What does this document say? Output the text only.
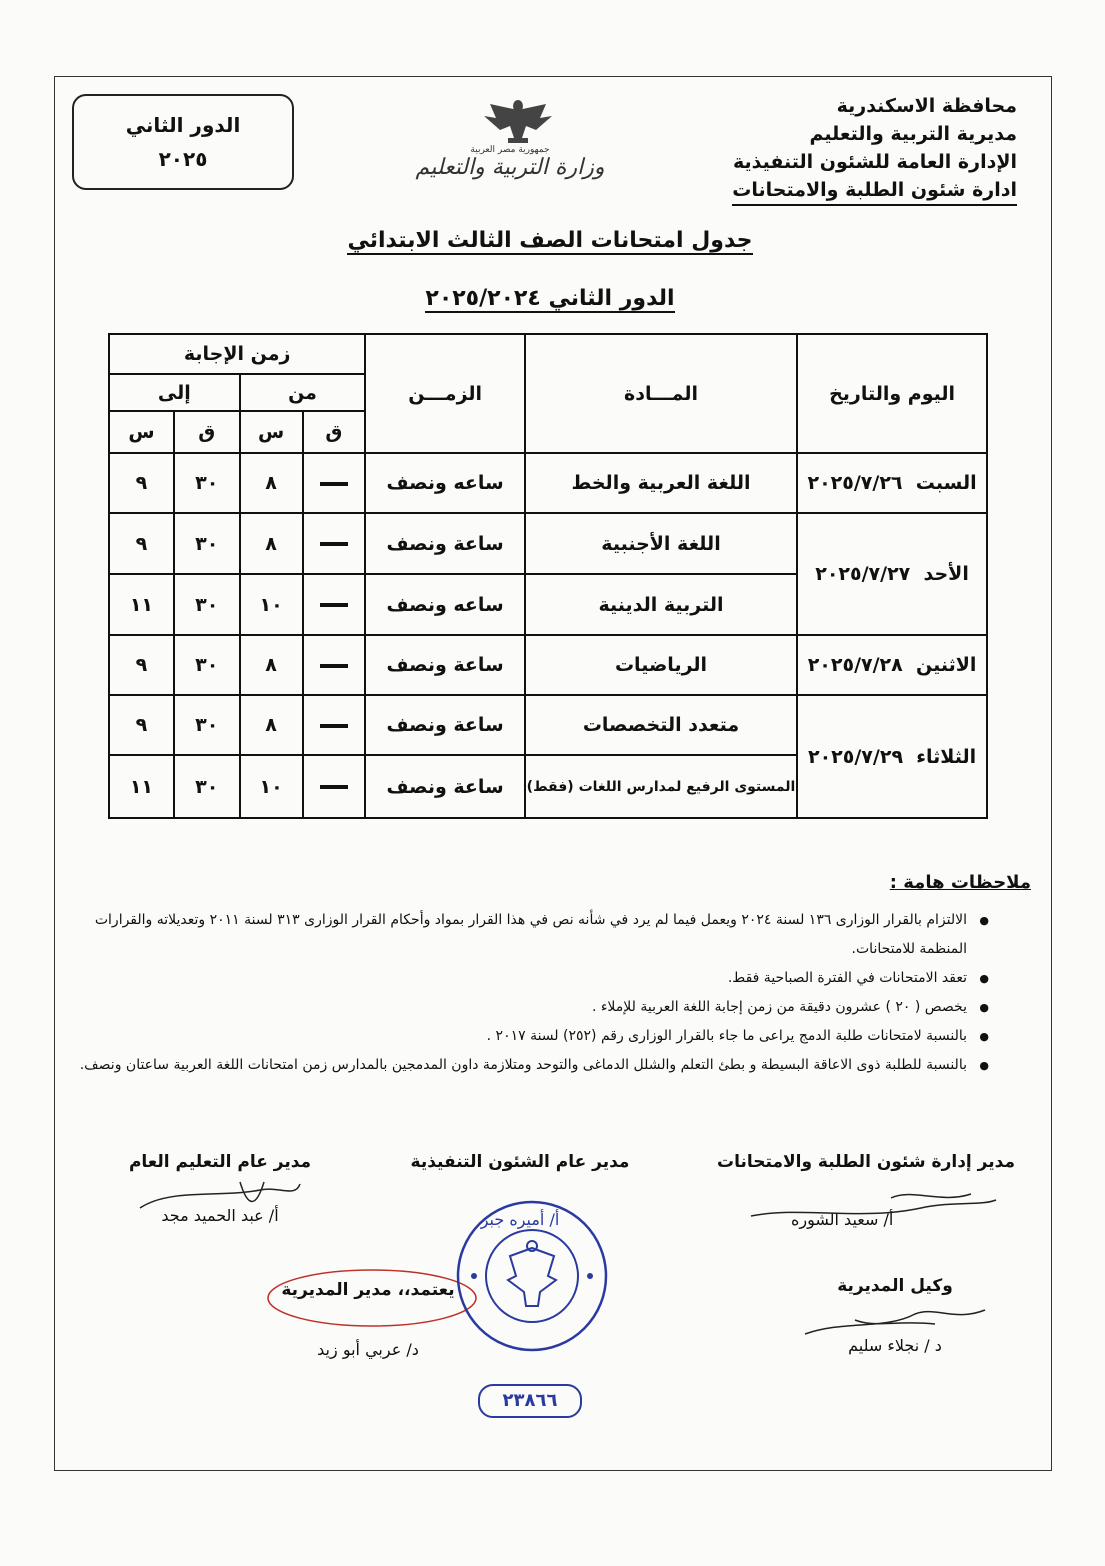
محافظة الاسكندرية
مديرية التربية والتعليم
الإدارة العامة للشئون التنفيذية
ادارة شئون الطلبة والامتحانات
جمهورية مصر العربية
وزارة التربية والتعليم
الدور الثاني
٢٠٢٥
جدول امتحانات الصف الثالث الابتدائي
الدور الثاني ٢٠٢٥/٢٠٢٤
اليوم والتاريخ	المـــادة	الزمـــن	زمن الإجابة			
			من		إلى	
			ق	س	ق	س
السبت  ٢٠٢٥/٧/٢٦	اللغة العربية والخط	ساعه ونصف		٨	٣٠	٩
الأحد  ٢٠٢٥/٧/٢٧	اللغة الأجنبية	ساعة ونصف		٨	٣٠	٩
	التربية الدينية	ساعه ونصف		١٠	٣٠	١١
الاثنين  ٢٠٢٥/٧/٢٨	الرياضيات	ساعة ونصف		٨	٣٠	٩
الثلاثاء  ٢٠٢٥/٧/٢٩	متعدد التخصصات	ساعة ونصف		٨	٣٠	٩
	المستوى الرفيع لمدارس اللغات (فقط)	ساعة ونصف		١٠	٣٠	١١
ملاحظات هامة :
● الالتزام بالقرار الوزارى ١٣٦ لسنة ٢٠٢٤ ويعمل فيما لم يرد في شأنه نص في هذا القرار بمواد وأحكام القرار الوزارى ٣١٣ لسنة ٢٠١١ وتعديلاته والقرارات المنظمة للامتحانات.
● تعقد الامتحانات في الفترة الصباحية فقط.
● يخصص ( ٢٠ ) عشرون دقيقة من زمن إجابة اللغة العربية للإملاء .
● بالنسبة لامتحانات طلبة الدمج يراعى ما جاء بالقرار الوزارى رقم (٢٥٢) لسنة ٢٠١٧ .
● بالنسبة للطلبة ذوى الاعاقة البسيطة و بطئ التعلم والشلل الدماغى والتوحد ومتلازمة داون المدمجين بالمدارس زمن امتحانات اللغة العربية ساعتان ونصف.
مدير إدارة شئون الطلبة والامتحانات
أ/ سعيد الشوره
مدير عام الشئون التنفيذية
أ/ أميره جبر
مدير عام التعليم العام
أ/ عبد الحميد مجد
وكيل المديرية
د / نجلاء سليم
يعتمد،، مدير المديرية
د/ عربي أبو زيد
٢٣٨٦٦
